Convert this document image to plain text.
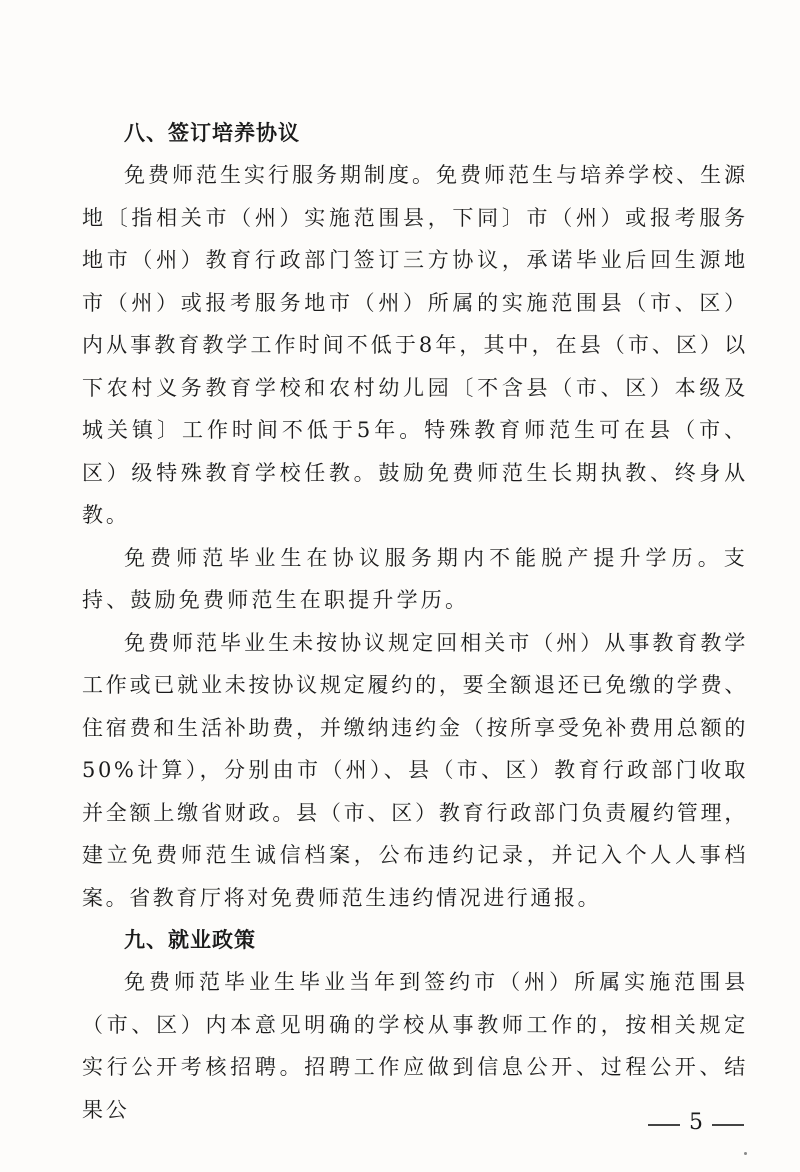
八、签订培养协议

免费师范生实行服务期制度。免费师范生与培养学校、生源地〔指相关市（州）实施范围县，下同〕市（州）或报考服务地市（州）教育行政部门签订三方协议，承诺毕业后回生源地市（州）或报考服务地市（州）所属的实施范围县（市、区）内从事教育教学工作时间不低于8年，其中，在县（市、区）以下农村义务教育学校和农村幼儿园〔不含县（市、区）本级及城关镇〕工作时间不低于5年。特殊教育师范生可在县（市、区）级特殊教育学校任教。鼓励免费师范生长期执教、终身从教。

免费师范毕业生在协议服务期内不能脱产提升学历。支持、鼓励免费师范生在职提升学历。

免费师范毕业生未按协议规定回相关市（州）从事教育教学工作或已就业未按协议规定履约的，要全额退还已免缴的学费、住宿费和生活补助费，并缴纳违约金（按所享受免补费用总额的50%计算），分别由市（州）、县（市、区）教育行政部门收取并全额上缴省财政。县（市、区）教育行政部门负责履约管理，建立免费师范生诚信档案，公布违约记录，并记入个人人事档案。省教育厅将对免费师范生违约情况进行通报。

九、就业政策

免费师范毕业生毕业当年到签约市（州）所属实施范围县（市、区）内本意见明确的学校从事教师工作的，按相关规定实行公开考核招聘。招聘工作应做到信息公开、过程公开、结果公

5
